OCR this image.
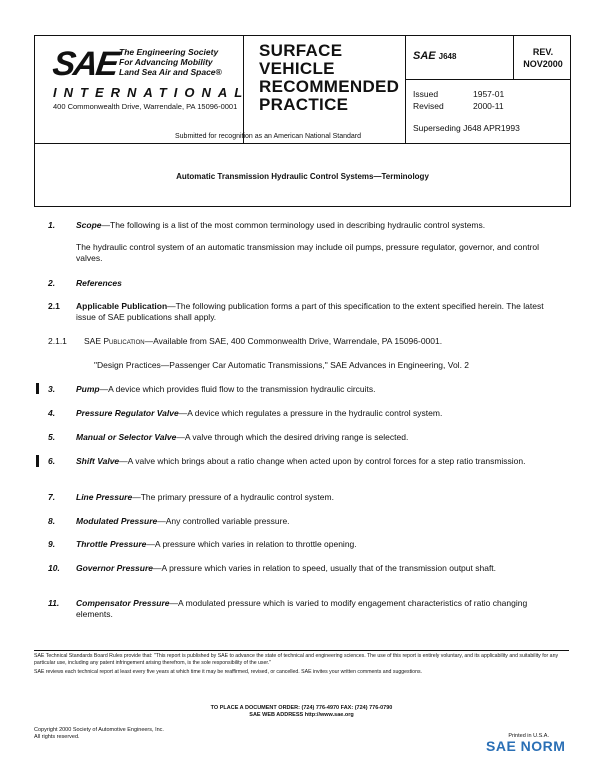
SAE The Engineering Society
For Advancing Mobility
Land Sea Air and Space®
INTERNATIONAL
400 Commonwealth Drive, Warrendale, PA 15096-0001
SURFACE
VEHICLE
RECOMMENDED
PRACTICE
Submitted for recognition as an American National Standard
SAE J648	REV.
NOV2000
Issued	1957-01
Revised	2000-11
Superseding J648 APR1993
Automatic Transmission Hydraulic Control Systems—Terminology
1. Scope—The following is a list of the most common terminology used in describing hydraulic control systems.
The hydraulic control system of an automatic transmission may include oil pumps, pressure regulator, governor, and control valves.
2. References
2.1 Applicable Publication—The following publication forms a part of this specification to the extent specified herein. The latest issue of SAE publications shall apply.
2.1.1 SAE Publication—Available from SAE, 400 Commonwealth Drive, Warrendale, PA 15096-0001.
"Design Practices—Passenger Car Automatic Transmissions," SAE Advances in Engineering, Vol. 2
3. Pump—A device which provides fluid flow to the transmission hydraulic circuits.
4. Pressure Regulator Valve—A device which regulates a pressure in the hydraulic control system.
5. Manual or Selector Valve—A valve through which the desired driving range is selected.
6. Shift Valve—A valve which brings about a ratio change when acted upon by control forces for a step ratio transmission.
7. Line Pressure—The primary pressure of a hydraulic control system.
8. Modulated Pressure—Any controlled variable pressure.
9. Throttle Pressure—A pressure which varies in relation to throttle opening.
10. Governor Pressure—A pressure which varies in relation to speed, usually that of the transmission output shaft.
11. Compensator Pressure—A modulated pressure which is varied to modify engagement characteristics of ratio changing elements.

SAE Technical Standards Board Rules provide that: "This report is published by SAE to advance the state of technical and engineering sciences. The use of this report is entirely voluntary, and its applicability and suitability for any particular use, including any patent infringement arising therefrom, is the sole responsibility of the user."

SAE reviews each technical report at least every five years at which time it may be reaffirmed, revised, or cancelled. SAE invites your written comments and suggestions.

TO PLACE A DOCUMENT ORDER: (724) 776-4970 FAX: (724) 776-0790
SAE WEB ADDRESS http://www.sae.org
Copyright 2000 Society of Automotive Engineers, Inc.
All rights reserved.	Printed in U.S.A.
SAE NORM
